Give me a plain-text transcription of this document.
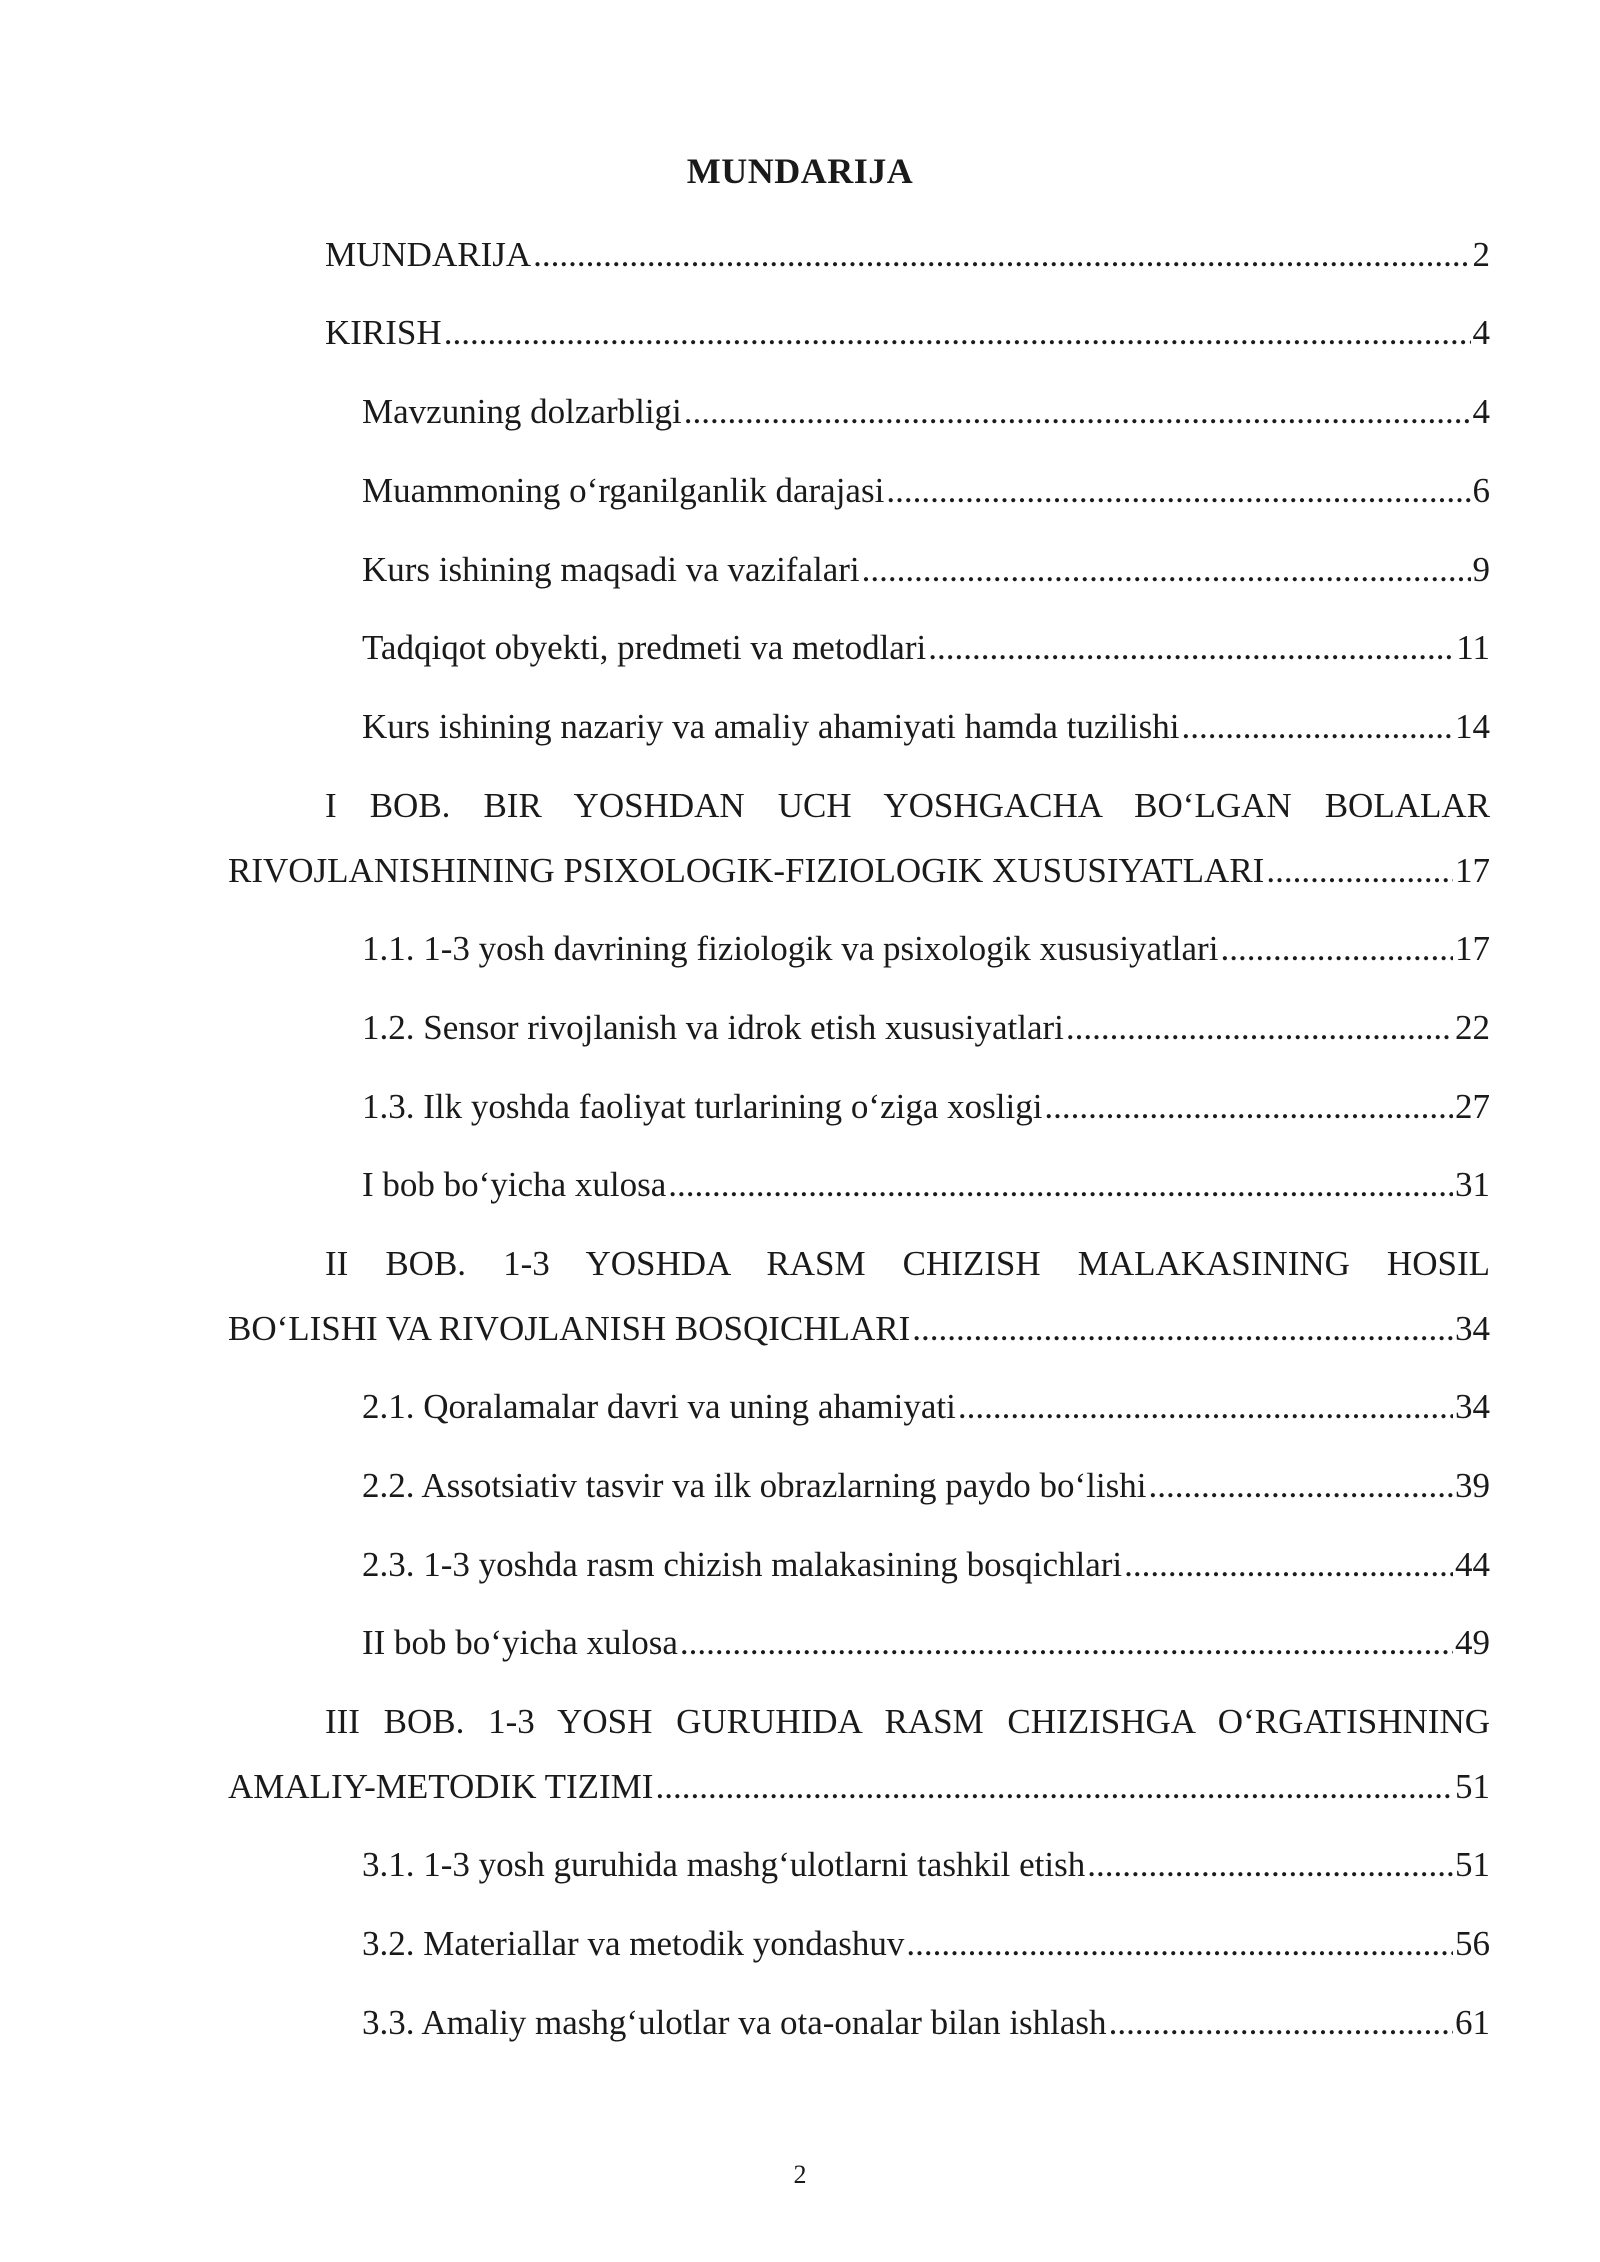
MUNDARIJA
MUNDARIJA .....	2
KIRISH .....	4
Mavzuning dolzarbligi .....	4
Muammoning o‘rganilganlik darajasi .....	6
Kurs ishining maqsadi va vazifalari .....	9
Tadqiqot obyekti, predmeti va metodlari .....	11
Kurs ishining nazariy va amaliy ahamiyati hamda tuzilishi .....	14
I BOB. BIR YOSHDAN UCH YOSHGACHA BO‘LGAN BOLALAR
RIVOJLANISHINING PSIXOLOGIK-FIZIOLOGIK XUSUSIYATLARI .....	17
1.1. 1-3 yosh davrining fiziologik va psixologik xususiyatlari .....	17
1.2. Sensor rivojlanish va idrok etish xususiyatlari .....	22
1.3. Ilk yoshda faoliyat turlarining o‘ziga xosligi .....	27
I bob bo‘yicha xulosa .....	31
II BOB. 1-3 YOSHDA RASM CHIZISH MALAKASINING HOSIL
BO‘LISHI VA RIVOJLANISH BOSQICHLARI .....	34
2.1. Qoralamalar davri va uning ahamiyati .....	34
2.2. Assotsiativ tasvir va ilk obrazlarning paydo bo‘lishi .....	39
2.3. 1-3 yoshda rasm chizish malakasining bosqichlari .....	44
II bob bo‘yicha xulosa .....	49
III BOB. 1-3 YOSH GURUHIDA RASM CHIZISHGA O‘RGATISHNING
AMALIY-METODIK TIZIMI .....	51
3.1. 1-3 yosh guruhida mashg‘ulotlarni tashkil etish .....	51
3.2. Materiallar va metodik yondashuv .....	56
3.3. Amaliy mashg‘ulotlar va ota-onalar bilan ishlash .....	61
2
